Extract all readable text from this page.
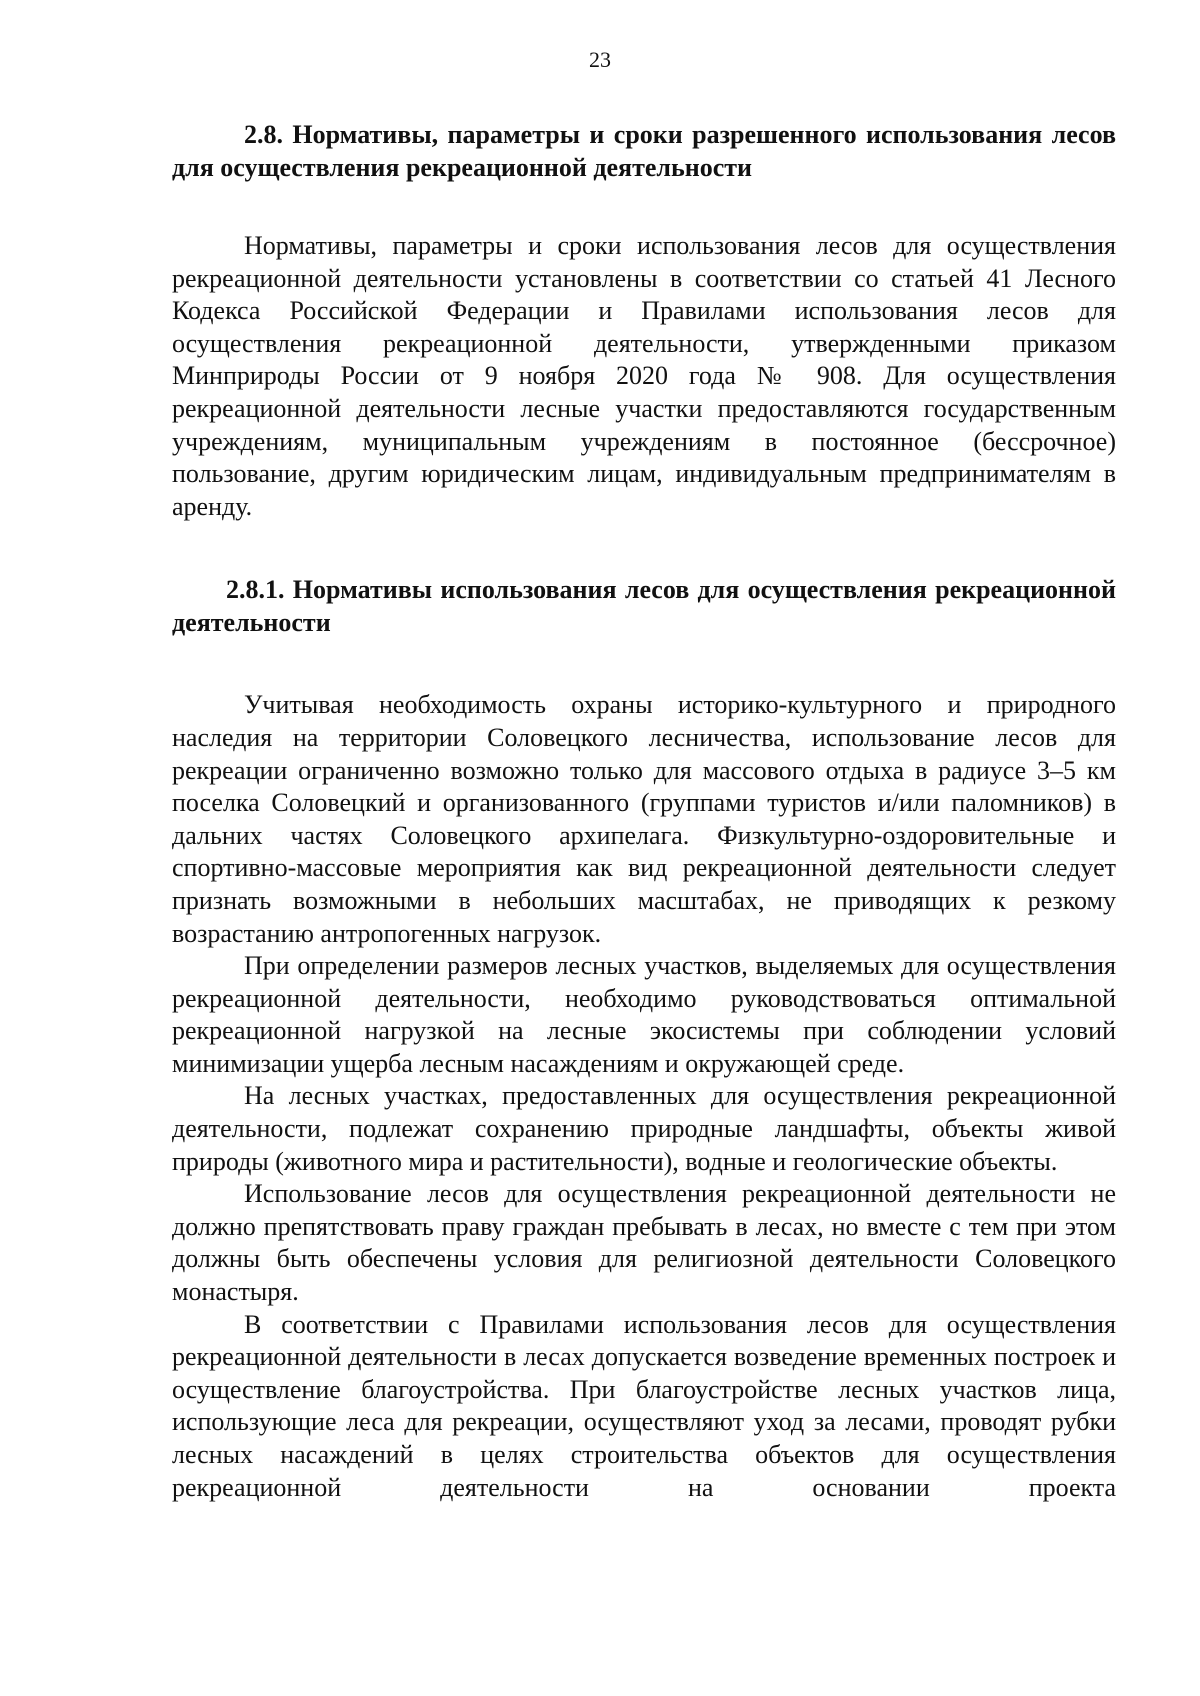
23
2.8. Нормативы, параметры и сроки разрешенного использования лесов для осуществления рекреационной деятельности

Нормативы, параметры и сроки использования лесов для осуществления рекреационной деятельности установлены в соответствии со статьей 41 Лесного Кодекса Российской Федерации и Правилами использования лесов для осуществления рекреационной деятельности, утвержденными приказом Минприроды России от 9 ноября 2020 года № 908. Для осуществления рекреационной деятельности лесные участки предоставляются государственным учреждениям, муниципальным учреждениям в постоянное (бессрочное) пользование, другим юридическим лицам, индивидуальным предпринимателям в аренду.

2.8.1. Нормативы использования лесов для осуществления рекреационной деятельности

Учитывая необходимость охраны историко-культурного и природного наследия на территории Соловецкого лесничества, использование лесов для рекреации ограниченно возможно только для массового отдыха в радиусе 3–5 км поселка Соловецкий и организованного (группами туристов и/или паломников) в дальних частях Соловецкого архипелага. Физкультурно-оздоровительные и спортивно-массовые мероприятия как вид рекреационной деятельности следует признать возможными в небольших масштабах, не приводящих к резкому возрастанию антропогенных нагрузок.

При определении размеров лесных участков, выделяемых для осуществления рекреационной деятельности, необходимо руководствоваться оптимальной рекреационной нагрузкой на лесные экосистемы при соблюдении условий минимизации ущерба лесным насаждениям и окружающей среде.

На лесных участках, предоставленных для осуществления рекреационной деятельности, подлежат сохранению природные ландшафты, объекты живой природы (животного мира и растительности), водные и геологические объекты.

Использование лесов для осуществления рекреационной деятельности не должно препятствовать праву граждан пребывать в лесах, но вместе с тем при этом должны быть обеспечены условия для религиозной деятельности Соловецкого монастыря.

В соответствии с Правилами использования лесов для осуществления рекреационной деятельности в лесах допускается возведение временных построек и осуществление благоустройства. При благоустройстве лесных участков лица, использующие леса для рекреации, осуществляют уход за лесами, проводят рубки лесных насаждений в целях строительства объектов для осуществления рекреационной деятельности на основании проекта
